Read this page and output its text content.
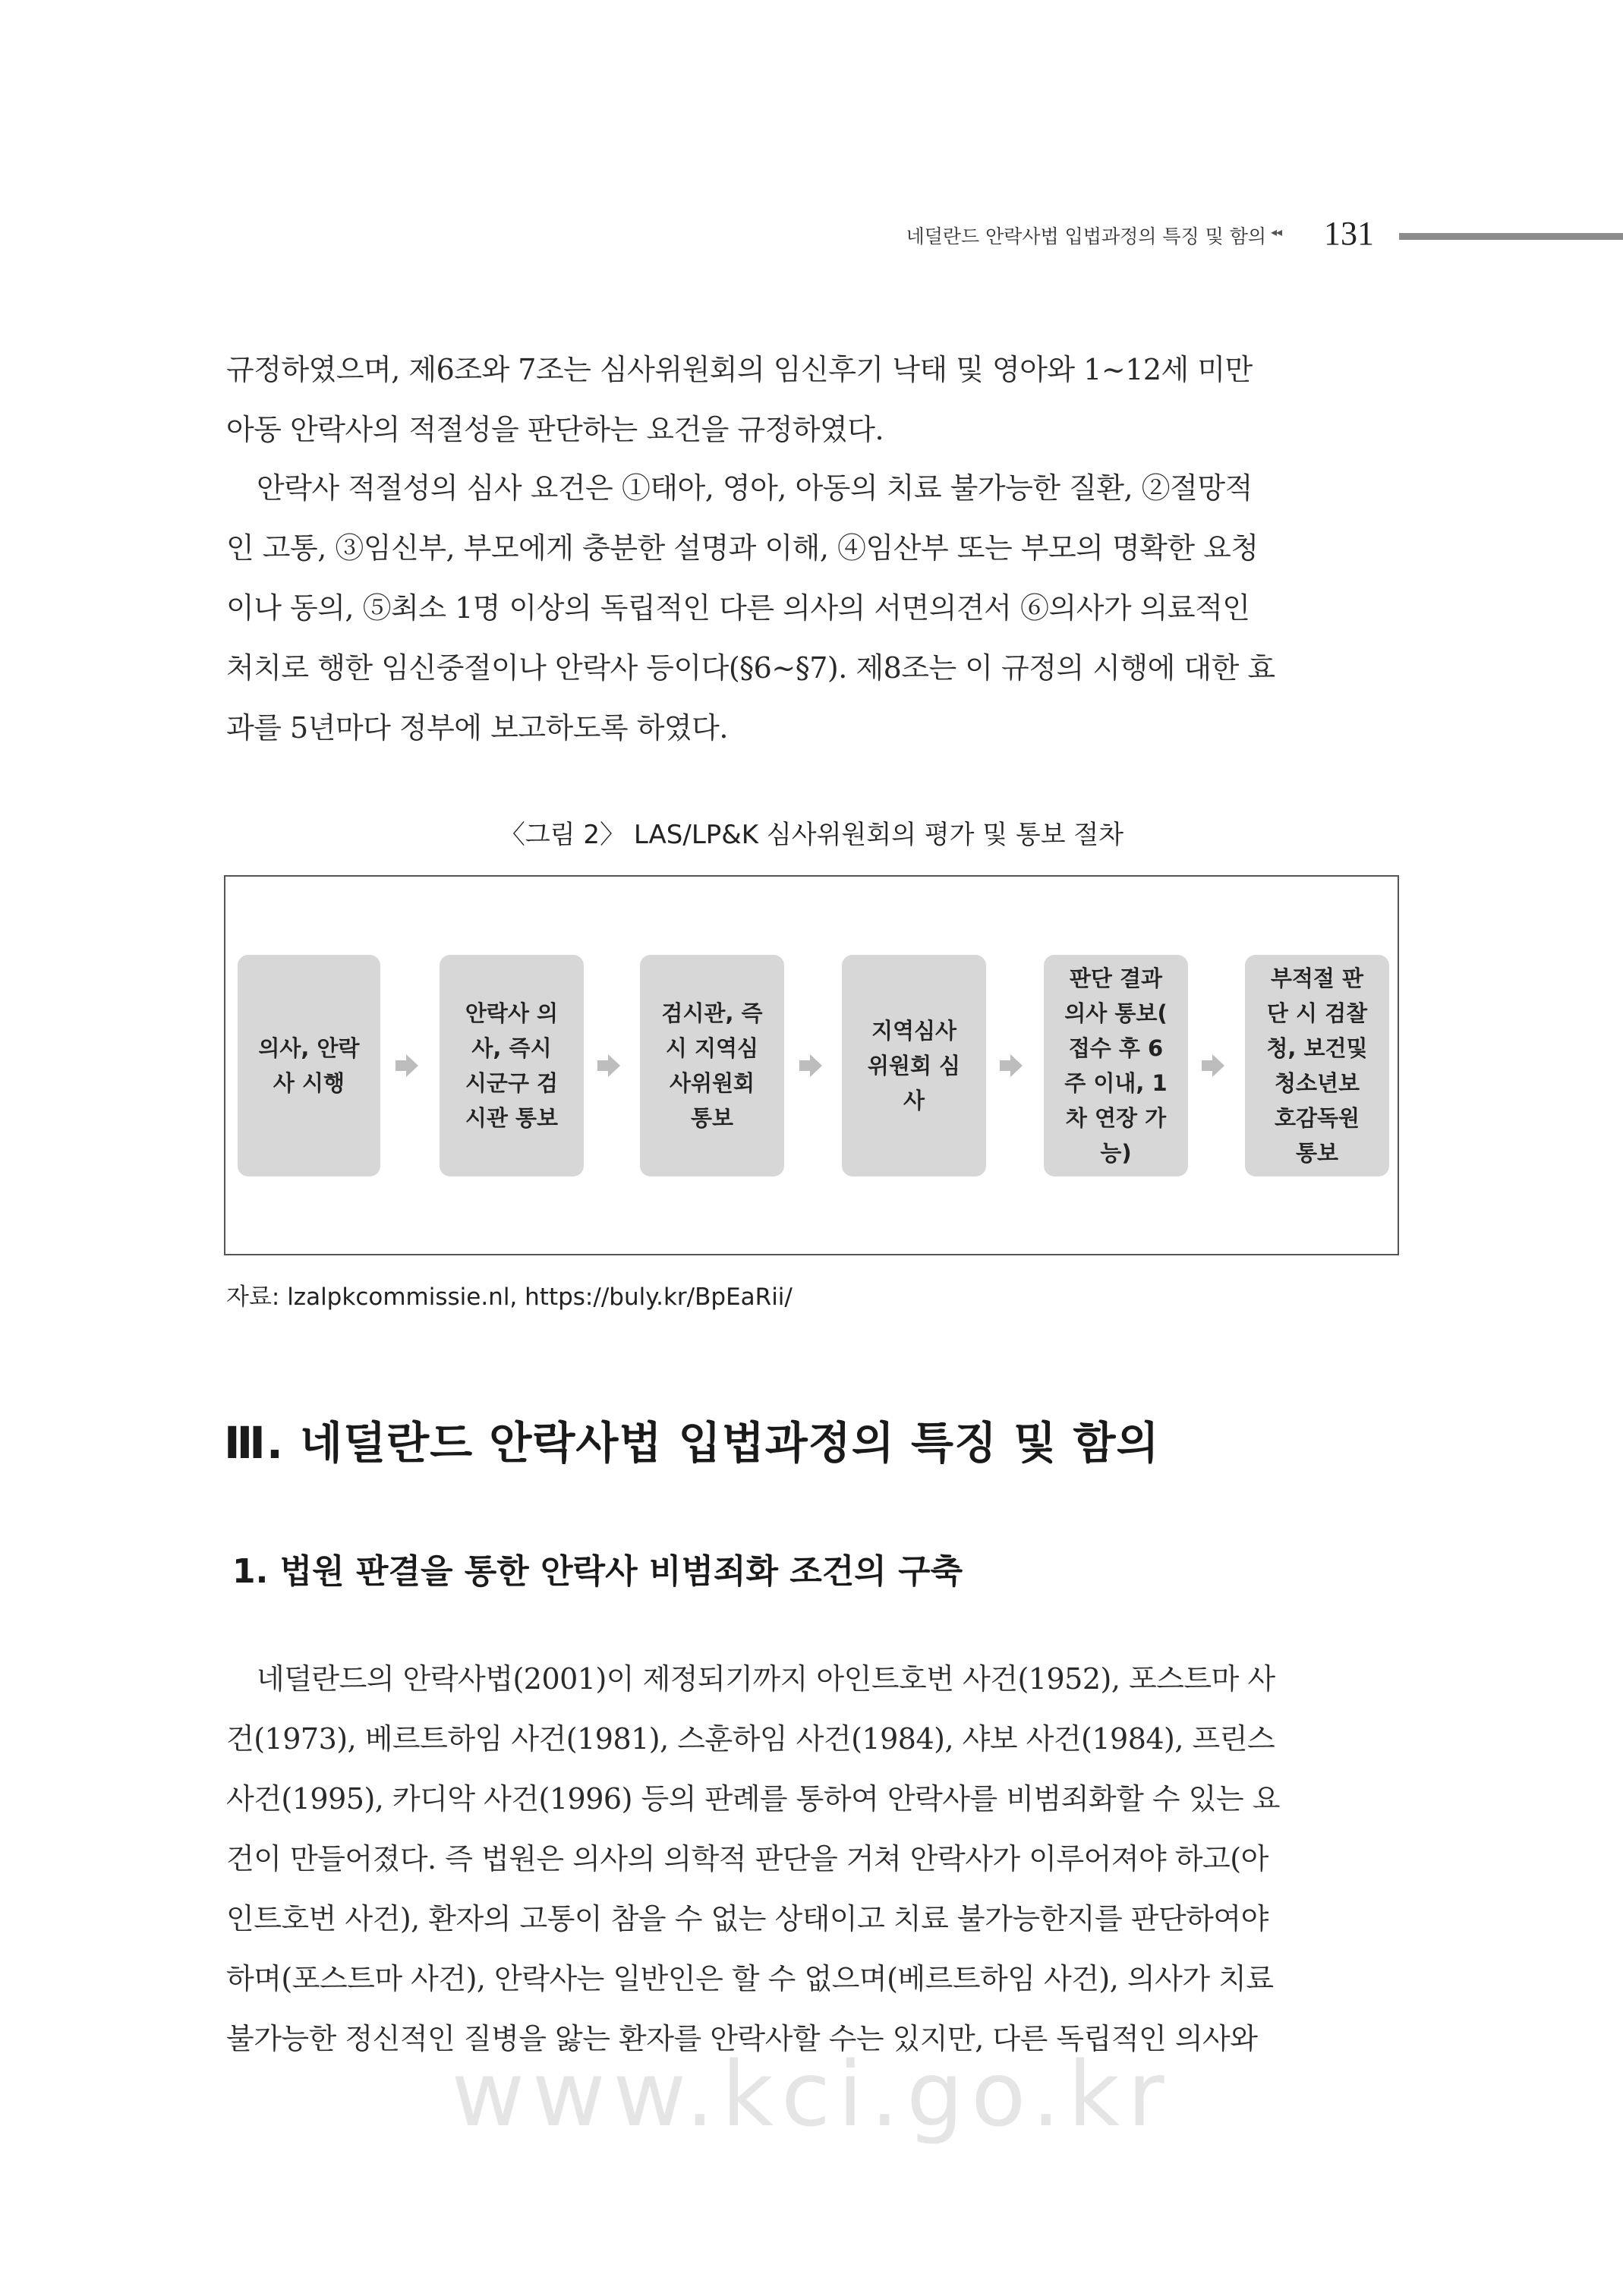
네덜란드 안락사법 입법과정의 특징 및 함의 ◂◂ 131
규정하였으며, 제6조와 7조는 심사위원회의 임신후기 낙태 및 영아와 1~12세 미만
아동 안락사의 적절성을 판단하는 요건을 규정하였다.
안락사 적절성의 심사 요건은 ①태아, 영아, 아동의 치료 불가능한 질환, ②절망적
인 고통, ③임신부, 부모에게 충분한 설명과 이해, ④임산부 또는 부모의 명확한 요청
이나 동의, ⑤최소 1명 이상의 독립적인 다른 의사의 서면의견서 ⑥의사가 의료적인
처치로 행한 임신중절이나 안락사 등이다(§6~§7). 제8조는 이 규정의 시행에 대한 효
과를 5년마다 정부에 보고하도록 하였다.
〈그림 2〉 LAS/LP&K 심사위원회의 평가 및 통보 절차
의사, 안락
사 시행
안락사 의
사, 즉시
시군구 검
시관 통보
검시관, 즉
시 지역심
사위원회
통보
지역심사
위원회 심
사
판단 결과
의사 통보(
접수 후 6
주 이내, 1
차 연장 가
능)
부적절 판
단 시 검찰
청, 보건및
청소년보
호감독원
통보
자료: lzalpkcommissie.nl, https://buly.kr/BpEaRii/
Ⅲ. 네덜란드 안락사법 입법과정의 특징 및 함의
1. 법원 판결을 통한 안락사 비범죄화 조건의 구축
네덜란드의 안락사법(2001)이 제정되기까지 아인트호번 사건(1952), 포스트마 사
건(1973), 베르트하임 사건(1981), 스훈하임 사건(1984), 샤보 사건(1984), 프린스
사건(1995), 카디악 사건(1996) 등의 판례를 통하여 안락사를 비범죄화할 수 있는 요
건이 만들어졌다. 즉 법원은 의사의 의학적 판단을 거쳐 안락사가 이루어져야 하고(아
인트호번 사건), 환자의 고통이 참을 수 없는 상태이고 치료 불가능한지를 판단하여야
하며(포스트마 사건), 안락사는 일반인은 할 수 없으며(베르트하임 사건), 의사가 치료
불가능한 정신적인 질병을 앓는 환자를 안락사할 수는 있지만, 다른 독립적인 의사와
www.kci.go.kr
